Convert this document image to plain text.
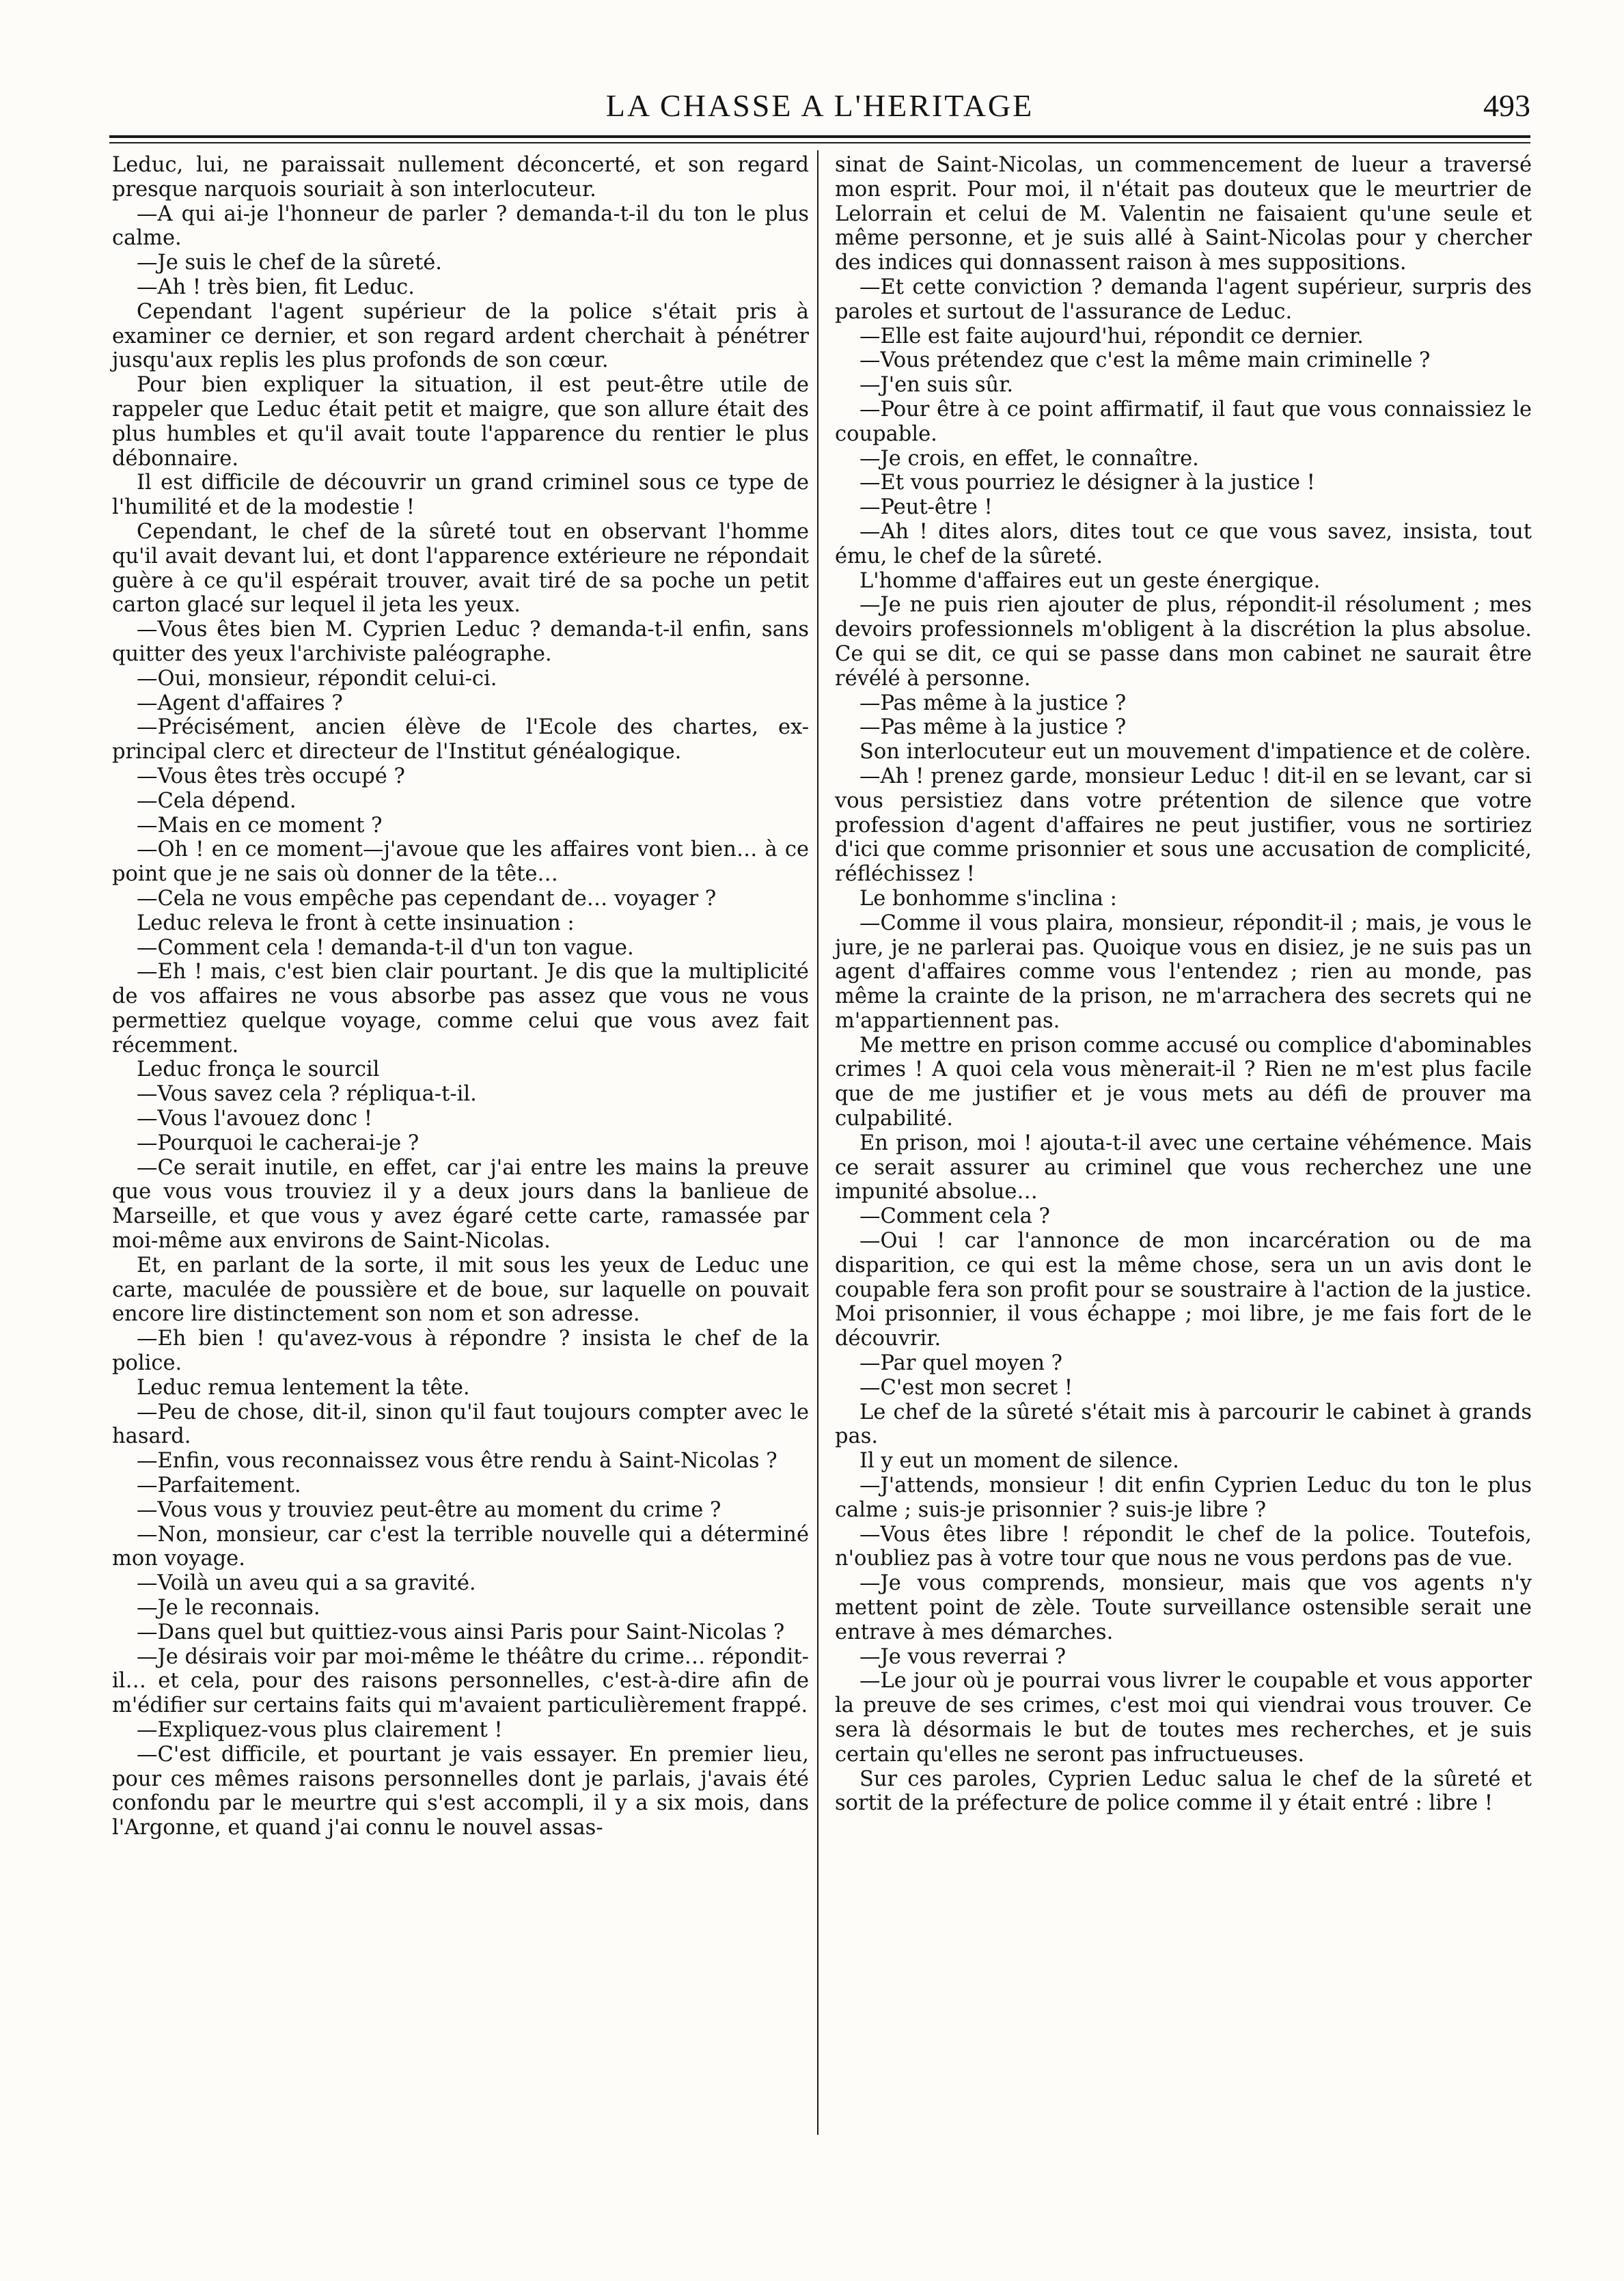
LA CHASSE A L'HERITAGE	493

Leduc, lui, ne paraissait nullement déconcerté, et son regard presque narquois souriait à son interlocuteur.

—A qui ai-je l'honneur de parler ? demanda-t-il du ton le plus calme.

—Je suis le chef de la sûreté.

—Ah ! très bien, fit Leduc.

Cependant l'agent supérieur de la police s'était pris à examiner ce dernier, et son regard ardent cherchait à pénétrer jusqu'aux replis les plus profonds de son cœur.

Pour bien expliquer la situation, il est peut-être utile de rappeler que Leduc était petit et maigre, que son allure était des plus humbles et qu'il avait toute l'apparence du rentier le plus débonnaire.

Il est difficile de découvrir un grand criminel sous ce type de l'humilité et de la modestie !

Cependant, le chef de la sûreté tout en observant l'homme qu'il avait devant lui, et dont l'apparence extérieure ne répondait guère à ce qu'il espérait trouver, avait tiré de sa poche un petit carton glacé sur lequel il jeta les yeux.

—Vous êtes bien M. Cyprien Leduc ? demanda-t-il enfin, sans quitter des yeux l'archiviste paléographe.

—Oui, monsieur, répondit celui-ci.

—Agent d'affaires ?

—Précisément, ancien élève de l'Ecole des chartes, ex-principal clerc et directeur de l'Institut généalogique.

—Vous êtes très occupé ?

—Cela dépend.

—Mais en ce moment ?

—Oh ! en ce moment—j'avoue que les affaires vont bien… à ce point que je ne sais où donner de la tête…

—Cela ne vous empêche pas cependant de… voyager ?

Leduc releva le front à cette insinuation :

—Comment cela ! demanda-t-il d'un ton vague.

—Eh ! mais, c'est bien clair pourtant. Je dis que la multiplicité de vos affaires ne vous absorbe pas assez que vous ne vous permettiez quelque voyage, comme celui que vous avez fait récemment.

Leduc fronça le sourcil

—Vous savez cela ? répliqua-t-il.

—Vous l'avouez donc !

—Pourquoi le cacherai-je ?

—Ce serait inutile, en effet, car j'ai entre les mains la preuve que vous vous trouviez il y a deux jours dans la banlieue de Marseille, et que vous y avez égaré cette carte, ramassée par moi-même aux environs de Saint-Nicolas.

Et, en parlant de la sorte, il mit sous les yeux de Leduc une carte, maculée de poussière et de boue, sur laquelle on pouvait encore lire distinctement son nom et son adresse.

—Eh bien ! qu'avez-vous à répondre ? insista le chef de la police.

Leduc remua lentement la tête.

—Peu de chose, dit-il, sinon qu'il faut toujours compter avec le hasard.

—Enfin, vous reconnaissez vous être rendu à Saint-Nicolas ?

—Parfaitement.

—Vous vous y trouviez peut-être au moment du crime ?

—Non, monsieur, car c'est la terrible nouvelle qui a déterminé mon voyage.

—Voilà un aveu qui a sa gravité.

—Je le reconnais.

—Dans quel but quittiez-vous ainsi Paris pour Saint-Nicolas ?

—Je désirais voir par moi-même le théâtre du crime… répondit-il… et cela, pour des raisons personnelles, c'est-à-dire afin de m'édifier sur certains faits qui m'avaient particulièrement frappé.

—Expliquez-vous plus clairement !

—C'est difficile, et pourtant je vais essayer. En premier lieu, pour ces mêmes raisons personnelles dont je parlais, j'avais été confondu par le meurtre qui s'est accompli, il y a six mois, dans l'Argonne, et quand j'ai connu le nouvel assas-

sinat de Saint-Nicolas, un commencement de lueur a traversé mon esprit. Pour moi, il n'était pas douteux que le meurtrier de Lelorrain et celui de M. Valentin ne faisaient qu'une seule et même personne, et je suis allé à Saint-Nicolas pour y chercher des indices qui donnassent raison à mes suppositions.

—Et cette conviction ? demanda l'agent supérieur, surpris des paroles et surtout de l'assurance de Leduc.

—Elle est faite aujourd'hui, répondit ce dernier.

—Vous prétendez que c'est la même main criminelle ?

—J'en suis sûr.

—Pour être à ce point affirmatif, il faut que vous connaissiez le coupable.

—Je crois, en effet, le connaître.

—Et vous pourriez le désigner à la justice !

—Peut-être !

—Ah ! dites alors, dites tout ce que vous savez, insista, tout ému, le chef de la sûreté.

L'homme d'affaires eut un geste énergique.

—Je ne puis rien ajouter de plus, répondit-il résolument ; mes devoirs professionnels m'obligent à la discrétion la plus absolue. Ce qui se dit, ce qui se passe dans mon cabinet ne saurait être révélé à personne.

—Pas même à la justice ?

—Pas même à la justice ?

Son interlocuteur eut un mouvement d'impatience et de colère.

—Ah ! prenez garde, monsieur Leduc ! dit-il en se levant, car si vous persistiez dans votre prétention de silence que votre profession d'agent d'affaires ne peut justifier, vous ne sortiriez d'ici que comme prisonnier et sous une accusation de complicité, réfléchissez !

Le bonhomme s'inclina :

—Comme il vous plaira, monsieur, répondit-il ; mais, je vous le jure, je ne parlerai pas. Quoique vous en disiez, je ne suis pas un agent d'affaires comme vous l'entendez ; rien au monde, pas même la crainte de la prison, ne m'arrachera des secrets qui ne m'appartiennent pas.

Me mettre en prison comme accusé ou complice d'abominables crimes ! A quoi cela vous mènerait-il ? Rien ne m'est plus facile que de me justifier et je vous mets au défi de prouver ma culpabilité.

En prison, moi ! ajouta-t-il avec une certaine véhémence. Mais ce serait assurer au criminel que vous recherchez une une impunité absolue…

—Comment cela ?

—Oui ! car l'annonce de mon incarcération ou de ma disparition, ce qui est la même chose, sera un un avis dont le coupable fera son profit pour se soustraire à l'action de la justice. Moi prisonnier, il vous échappe ; moi libre, je me fais fort de le découvrir.

—Par quel moyen ?

—C'est mon secret !

Le chef de la sûreté s'était mis à parcourir le cabinet à grands pas.

Il y eut un moment de silence.

—J'attends, monsieur ! dit enfin Cyprien Leduc du ton le plus calme ; suis-je prisonnier ? suis-je libre ?

—Vous êtes libre ! répondit le chef de la police. Toutefois, n'oubliez pas à votre tour que nous ne vous perdons pas de vue.

—Je vous comprends, monsieur, mais que vos agents n'y mettent point de zèle. Toute surveillance ostensible serait une entrave à mes démarches.

—Je vous reverrai ?

—Le jour où je pourrai vous livrer le coupable et vous apporter la preuve de ses crimes, c'est moi qui viendrai vous trouver. Ce sera là désormais le but de toutes mes recherches, et je suis certain qu'elles ne seront pas infructueuses.

Sur ces paroles, Cyprien Leduc salua le chef de la sûreté et sortit de la préfecture de police comme il y était entré : libre !
